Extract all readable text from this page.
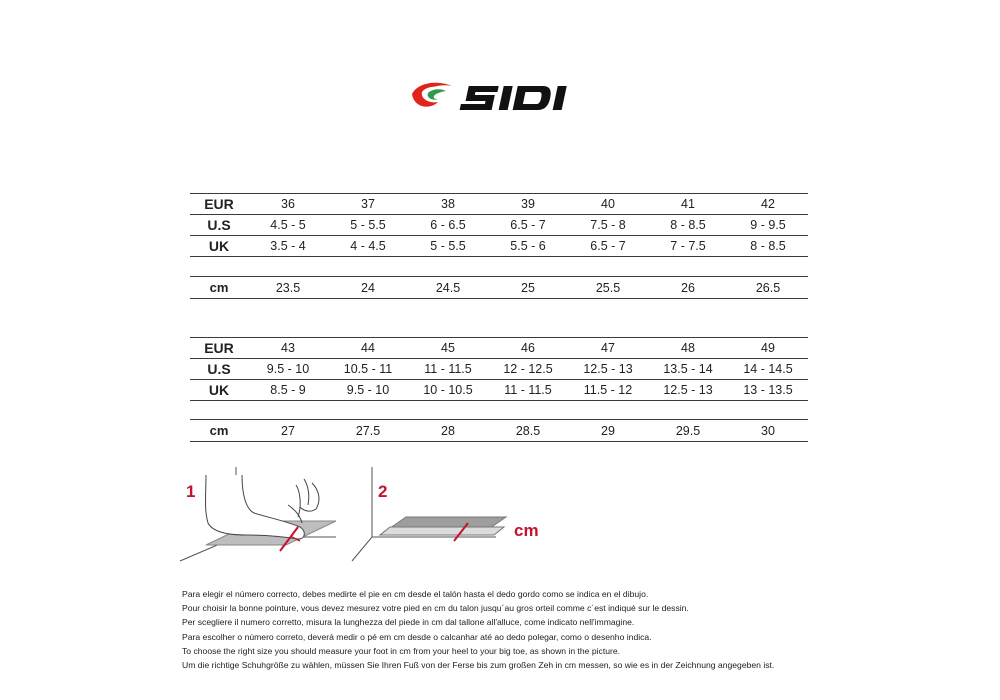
EUR	36	37	38	39	40	41	42
U.S	4.5 - 5	5 - 5.5	6 - 6.5	6.5 - 7	7.5 - 8	8 - 8.5	9 - 9.5
UK	3.5 - 4	4 - 4.5	5 - 5.5	5.5 - 6	6.5 - 7	7 - 7.5	8 - 8.5
cm	23.5	24	24.5	25	25.5	26	26.5
EUR	43	44	45	46	47	48	49
U.S	9.5 - 10	10.5 - 11	11 - 11.5	12 - 12.5	12.5 - 13	13.5 - 14	14 - 14.5
UK	8.5 - 9	9.5 - 10	10 - 10.5	11 - 11.5	11.5 - 12	12.5 - 13	13 - 13.5
cm	27	27.5	28	28.5	29	29.5	30
1	2
cm
Para elegir el número correcto, debes medirte el pie en cm desde el talón hasta el dedo gordo como se indica en el dibujo.
Pour choisir la bonne pointure, vous devez mesurez votre pied en cm du talon jusqu´au gros orteil comme c´est indiqué sur le dessin.
Per scegliere il numero corretto, misura la lunghezza del piede in cm dal tallone all'alluce, come indicato nell'immagine.
Para escolher o número correto, deverá medir o pé em cm desde o calcanhar até ao dedo polegar, como o desenho indica.
To choose the right size you should measure your foot in cm from your heel to your big toe, as shown in the picture.
Um die richtige Schuhgröße zu wählen, müssen Sie Ihren Fuß von der Ferse bis zum großen Zeh in cm messen, so wie es in der Zeichnung angegeben ist.
